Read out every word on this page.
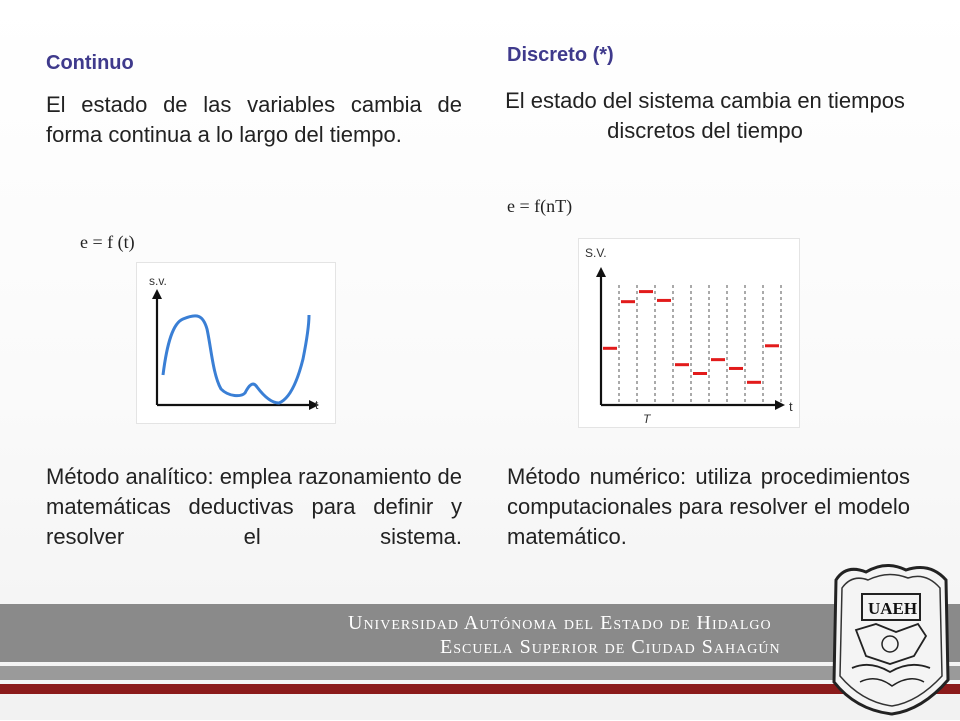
Continuo
El estado de las variables cambia de forma continua a lo largo del tiempo.
e = f (t)
s.v.
t
Método analítico: emplea razonamiento de matemáticas deductivas para definir y resolver el sistema.
Discreto (*)
El estado del sistema cambia en tiempos discretos del tiempo
e = f(nT)
S.V.
t
T
Método numérico: utiliza procedimientos computacionales para resolver el modelo matemático.
Universidad Autónoma del Estado de Hidalgo
Escuela Superior de Ciudad Sahagún
UAEH
